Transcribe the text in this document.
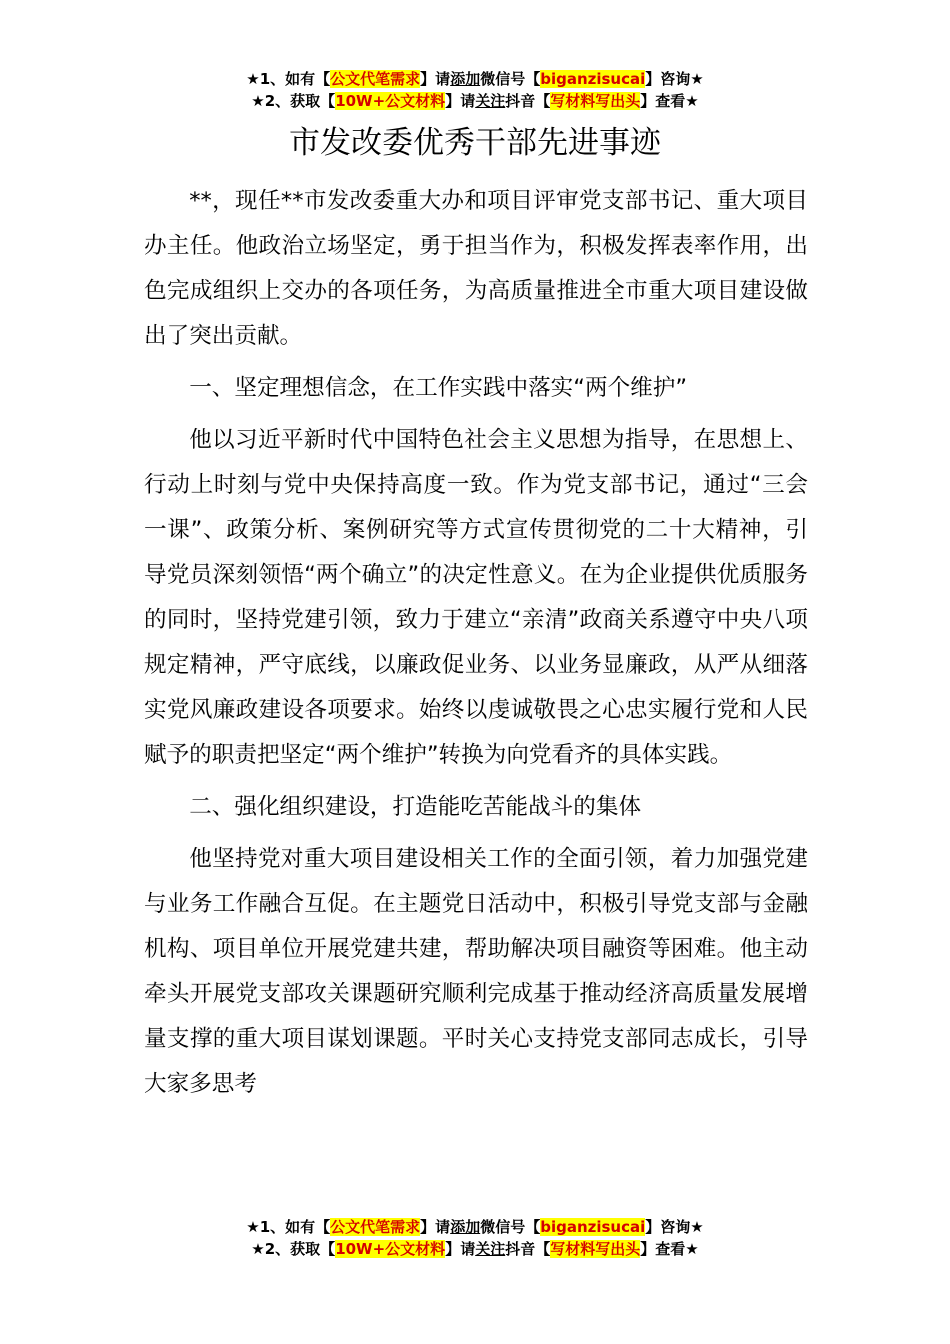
★1、如有【公文代笔需求】请添加微信号【biganzisucai】咨询★
★2、获取【10W+公文材料】请关注抖音【写材料写出头】查看★
市发改委优秀干部先进事迹

**，现任**市发改委重大办和项目评审党支部书记、重大项目办主任。他政治立场坚定，勇于担当作为，积极发挥表率作用，出色完成组织上交办的各项任务，为高质量推进全市重大项目建设做出了突出贡献。

一、坚定理想信念，在工作实践中落实“两个维护”

他以习近平新时代中国特色社会主义思想为指导，在思想上、行动上时刻与党中央保持高度一致。作为党支部书记，通过“三会一课”、政策分析、案例研究等方式宣传贯彻党的二十大精神，引导党员深刻领悟“两个确立”的决定性意义。在为企业提供优质服务的同时，坚持党建引领，致力于建立“亲清”政商关系遵守中央八项规定精神，严守底线，以廉政促业务、以业务显廉政，从严从细落实党风廉政建设各项要求。始终以虔诚敬畏之心忠实履行党和人民赋予的职责把坚定“两个维护”转换为向党看齐的具体实践。

二、强化组织建设，打造能吃苦能战斗的集体

他坚持党对重大项目建设相关工作的全面引领，着力加强党建与业务工作融合互促。在主题党日活动中，积极引导党支部与金融机构、项目单位开展党建共建，帮助解决项目融资等困难。他主动牵头开展党支部攻关课题研究顺利完成基于推动经济高质量发展增量支撑的重大项目谋划课题。平时关心支持党支部同志成长，引导大家多思考

★1、如有【公文代笔需求】请添加微信号【biganzisucai】咨询★
★2、获取【10W+公文材料】请关注抖音【写材料写出头】查看★
